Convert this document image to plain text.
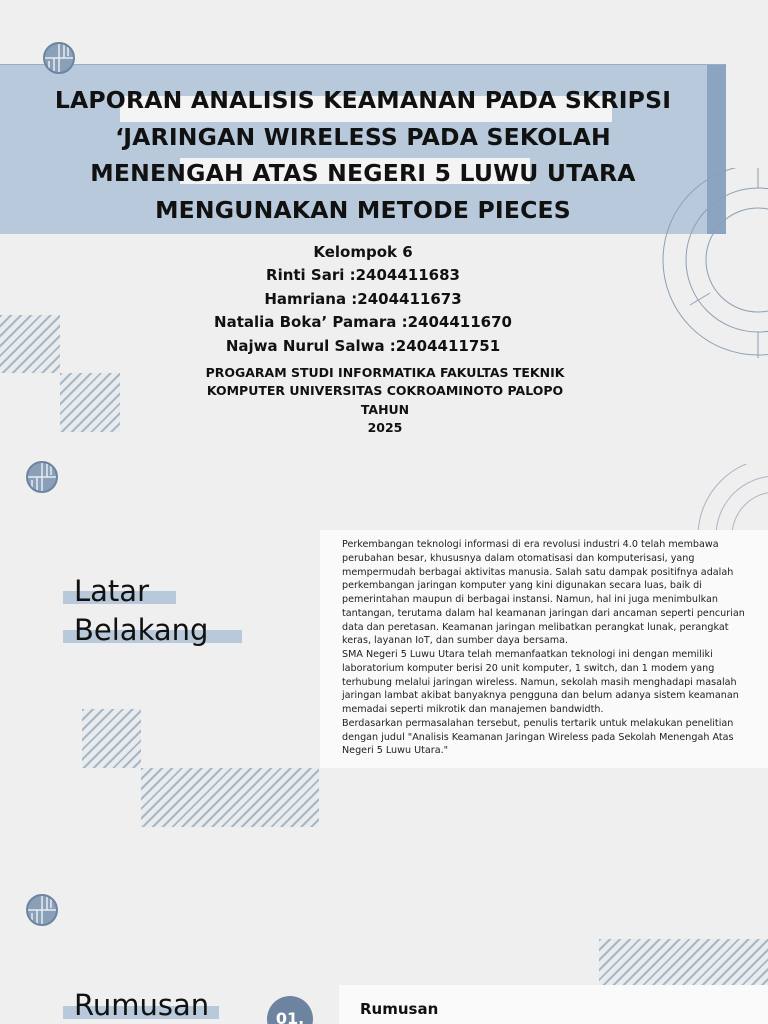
LAPORAN ANALISIS KEAMANAN PADA SKRIPSI ‘JARINGAN WIRELESS PADA SEKOLAH MENENGAH ATAS NEGERI 5 LUWU UTARA MENGUNAKAN METODE PIECES
Kelompok 6
Rinti Sari :2404411683
Hamriana :2404411673
Natalia Boka’ Pamara :2404411670
Najwa Nurul Salwa :2404411751
PROGARAM STUDI INFORMATIKA FAKULTAS TEKNIK
KOMPUTER UNIVERSITAS COKROAMINOTO PALOPO
TAHUN
2025
Latar
Belakang

Perkembangan teknologi informasi di era revolusi industri 4.0 telah membawa perubahan besar, khususnya dalam otomatisasi dan komputerisasi, yang mempermudah berbagai aktivitas manusia. Salah satu dampak positifnya adalah perkembangan jaringan komputer yang kini digunakan secara luas, baik di pemerintahan maupun di berbagai instansi. Namun, hal ini juga menimbulkan tantangan, terutama dalam hal keamanan jaringan dari ancaman seperti pencurian data dan peretasan. Keamanan jaringan melibatkan perangkat lunak, perangkat keras, layanan IoT, dan sumber daya bersama.

SMA Negeri 5 Luwu Utara telah memanfaatkan teknologi ini dengan memiliki laboratorium komputer berisi 20 unit komputer, 1 switch, dan 1 modem yang terhubung melalui jaringan wireless. Namun, sekolah masih menghadapi masalah jaringan lambat akibat banyaknya pengguna dan belum adanya sistem keamanan memadai seperti mikrotik dan manajemen bandwidth.

Berdasarkan permasalahan tersebut, penulis tertarik untuk melakukan penelitian dengan judul "Analisis Keamanan Jaringan Wireless pada Sekolah Menengah Atas Negeri 5 Luwu Utara."

Rumusan	01.	Rumusan
